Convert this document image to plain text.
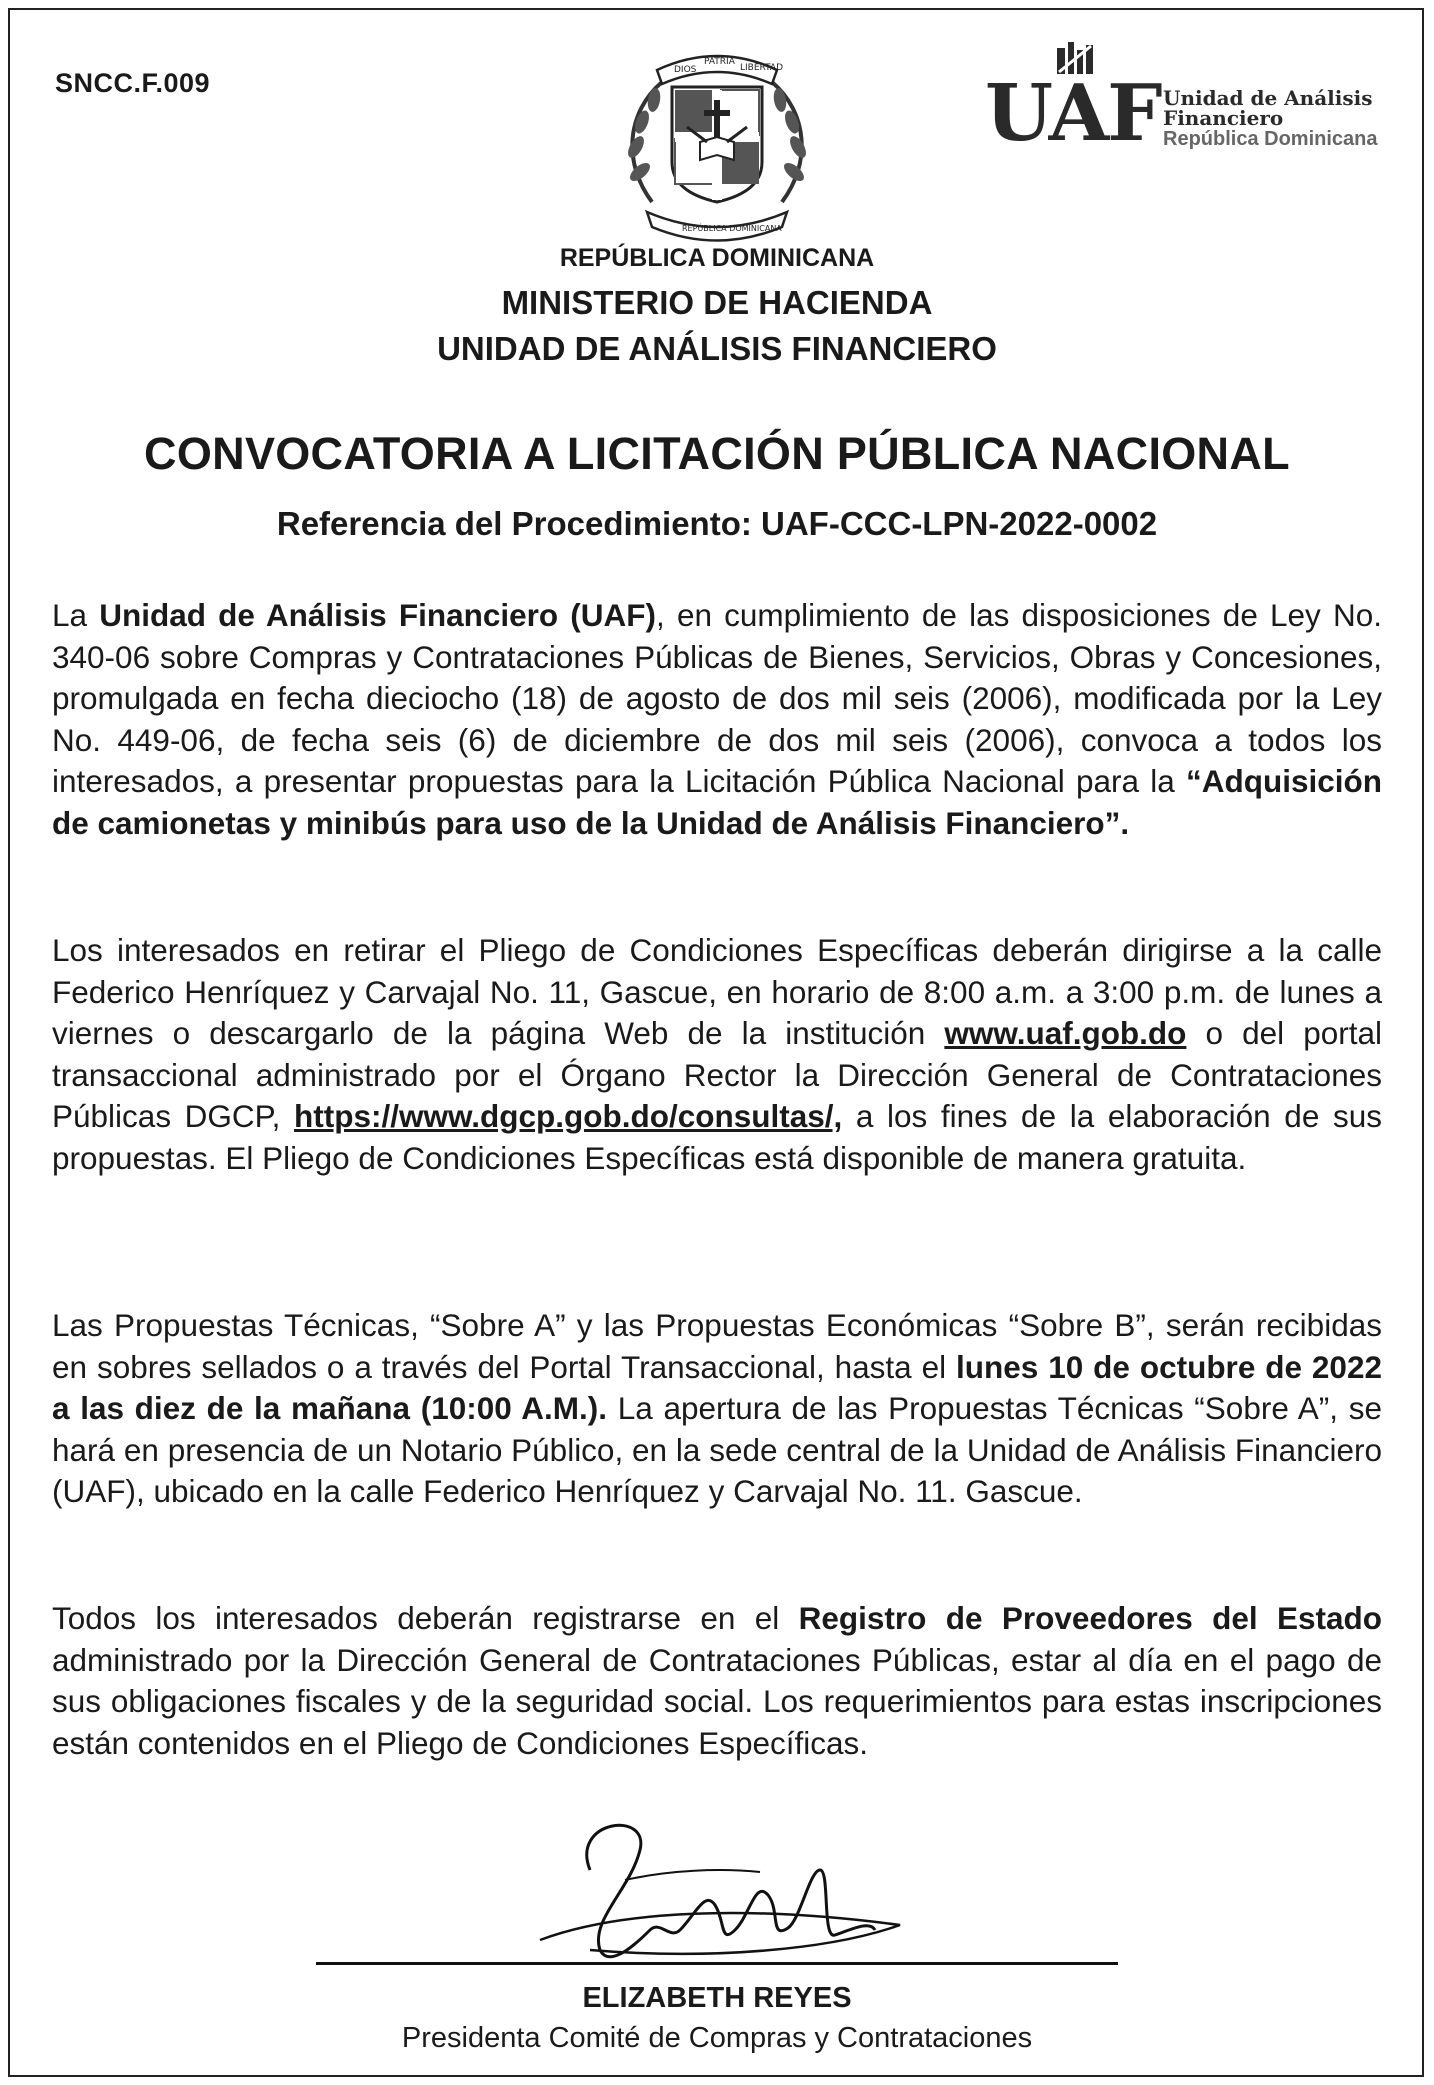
SNCC.F.009	DIOS
PATRIA
LIBERTAD
REPÚBLICA DOMINICANA
UAF Unidad de Análisis
Financiero
República Dominicana
REPÚBLICA DOMINICANA
MINISTERIO DE HACIENDA
UNIDAD DE ANÁLISIS FINANCIERO
CONVOCATORIA A LICITACIÓN PÚBLICA NACIONAL
Referencia del Procedimiento: UAF-CCC-LPN-2022-0002
La Unidad de Análisis Financiero (UAF), en cumplimiento de las disposiciones de Ley No. 340-06 sobre Compras y Contrataciones Públicas de Bienes, Servicios, Obras y Concesiones, promulgada en fecha dieciocho (18) de agosto de dos mil seis (2006), modificada por la Ley No. 449-06, de fecha seis (6) de diciembre de dos mil seis (2006), convoca a todos los interesados, a presentar propuestas para la Licitación Pública Nacional para la “Adquisición de camionetas y minibús para uso de la Unidad de Análisis Financiero”.
Los interesados en retirar el Pliego de Condiciones Específicas deberán dirigirse a la calle Federico Henríquez y Carvajal No. 11, Gascue, en horario de 8:00 a.m. a 3:00 p.m. de lunes a viernes o descargarlo de la página Web de la institución www.uaf.gob.do o del portal transaccional administrado por el Órgano Rector la Dirección General de Contrataciones Públicas DGCP, https://www.dgcp.gob.do/consultas/, a los fines de la elaboración de sus propuestas. El Pliego de Condiciones Específicas está disponible de manera gratuita.
Las Propuestas Técnicas, “Sobre A” y las Propuestas Económicas “Sobre B”, serán recibidas en sobres sellados o a través del Portal Transaccional, hasta el lunes 10 de octubre de 2022 a las diez de la mañana (10:00 A.M.). La apertura de las Propuestas Técnicas “Sobre A”, se hará en presencia de un Notario Público, en la sede central de la Unidad de Análisis Financiero (UAF), ubicado en la calle Federico Henríquez y Carvajal No. 11. Gascue.
Todos los interesados deberán registrarse en el Registro de Proveedores del Estado administrado por la Dirección General de Contrataciones Públicas, estar al día en el pago de sus obligaciones fiscales y de la seguridad social. Los requerimientos para estas inscripciones están contenidos en el Pliego de Condiciones Específicas.
ELIZABETH REYES
Presidenta Comité de Compras y Contrataciones
